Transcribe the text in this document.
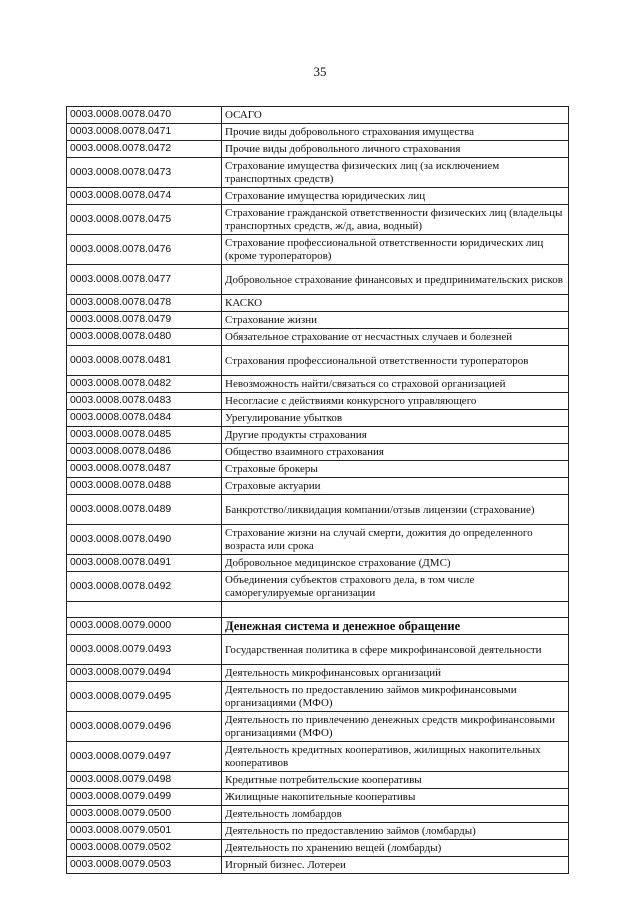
35
0003.0008.0078.0470	ОСАГО
0003.0008.0078.0471	Прочие виды добровольного страхования имущества
0003.0008.0078.0472	Прочие виды добровольного личного страхования
0003.0008.0078.0473	Страхование имущества физических лиц (за исключением транспортных средств)
0003.0008.0078.0474	Страхование имущества юридических лиц
0003.0008.0078.0475	Страхование гражданской ответственности физических лиц (владельцы транспортных средств, ж/д, авиа, водный)
0003.0008.0078.0476	Страхование профессиональной ответственности юридических лиц (кроме туроператоров)
0003.0008.0078.0477	Добровольное страхование финансовых и предпринимательских рисков
0003.0008.0078.0478	КАСКО
0003.0008.0078.0479	Страхование жизни
0003.0008.0078.0480	Обязательное страхование от несчастных случаев и болезней
0003.0008.0078.0481	Страхования профессиональной ответственности туроператоров
0003.0008.0078.0482	Невозможность найти/связаться со страховой организацией
0003.0008.0078.0483	Несогласие с действиями конкурсного управляющего
0003.0008.0078.0484	Урегулирование убытков
0003.0008.0078.0485	Другие продукты страхования
0003.0008.0078.0486	Общество взаимного страхования
0003.0008.0078.0487	Страховые брокеры
0003.0008.0078.0488	Страховые актуарии
0003.0008.0078.0489	Банкротство/ликвидация компании/отзыв лицензии (страхование)
0003.0008.0078.0490	Страхование жизни на случай смерти, дожития до определенного возраста или срока
0003.0008.0078.0491	Добровольное медицинское страхование (ДМС)
0003.0008.0078.0492	Объединения субъектов страхового дела, в том числе саморегулируемые организации

0003.0008.0079.0000	Денежная система и денежное обращение
0003.0008.0079.0493	Государственная политика в сфере микрофинансовой деятельности
0003.0008.0079.0494	Деятельность микрофинансовых организаций
0003.0008.0079.0495	Деятельность по предоставлению займов микрофинансовыми организациями (МФО)
0003.0008.0079.0496	Деятельность по привлечению денежных средств микрофинансовыми организациями (МФО)
0003.0008.0079.0497	Деятельность кредитных кооперативов, жилищных накопительных кооперативов
0003.0008.0079.0498	Кредитные потребительские кооперативы
0003.0008.0079.0499	Жилищные накопительные кооперативы
0003.0008.0079.0500	Деятельность ломбардов
0003.0008.0079.0501	Деятельность по предоставлению займов (ломбарды)
0003.0008.0079.0502	Деятельность по хранению вещей (ломбарды)
0003.0008.0079.0503	Игорный бизнес. Лотереи
